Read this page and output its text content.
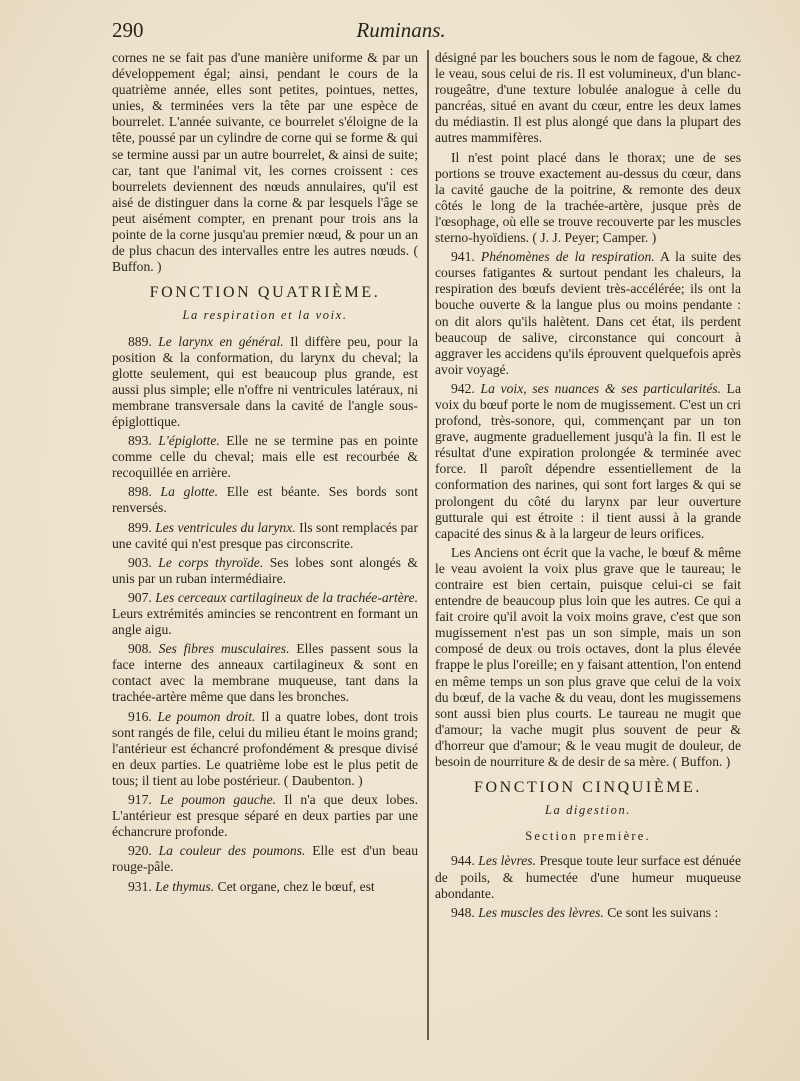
290	Ruminans.

cornes ne se fait pas d'une manière uniforme & par un développement égal; ainsi, pendant le cours de la quatrième année, elles sont petites, pointues, nettes, unies, & terminées vers la tête par une espèce de bourrelet. L'année suivante, ce bourrelet s'éloigne de la tête, poussé par un cylindre de corne qui se forme & qui se termine aussi par un autre bourrelet, & ainsi de suite; car, tant que l'animal vit, les cornes croissent : ces bourrelets deviennent des nœuds annulaires, qu'il est aisé de distinguer dans la corne & par lesquels l'âge se peut aisément compter, en prenant pour trois ans la pointe de la corne jusqu'au premier nœud, & pour un an de plus chacun des intervalles entre les autres nœuds. ( Buffon. )

FONCTION QUATRIÈME.
La respiration et la voix.

889. Le larynx en général. Il diffère peu, pour la position & la conformation, du larynx du cheval; la glotte seulement, qui est beaucoup plus grande, est aussi plus simple; elle n'offre ni ventricules latéraux, ni membrane transversale dans la cavité de l'angle sous-épiglottique.

893. L'épiglotte. Elle ne se termine pas en pointe comme celle du cheval; mais elle est recourbée & recoquillée en arrière.

898. La glotte. Elle est béante. Ses bords sont renversés.

899. Les ventricules du larynx. Ils sont remplacés par une cavité qui n'est presque pas circonscrite.

903. Le corps thyroïde. Ses lobes sont alongés & unis par un ruban intermédiaire.

907. Les cerceaux cartilagineux de la trachée-artère. Leurs extrémités amincies se rencontrent en formant un angle aigu.

908. Ses fibres musculaires. Elles passent sous la face interne des anneaux cartilagineux & sont en contact avec la membrane muqueuse, tant dans la trachée-artère même que dans les bronches.

916. Le poumon droit. Il a quatre lobes, dont trois sont rangés de file, celui du milieu étant le moins grand; l'antérieur est échancré profondément & presque divisé en deux parties. Le quatrième lobe est le plus petit de tous; il tient au lobe postérieur. ( Daubenton. )

917. Le poumon gauche. Il n'a que deux lobes. L'antérieur est presque séparé en deux parties par une échancrure profonde.

920. La couleur des poumons. Elle est d'un beau rouge-pâle.

931. Le thymus. Cet organe, chez le bœuf, est

désigné par les bouchers sous le nom de fagoue, & chez le veau, sous celui de ris. Il est volumineux, d'un blanc-rougeâtre, d'une texture lobulée analogue à celle du pancréas, situé en avant du cœur, entre les deux lames du médiastin. Il est plus alongé que dans la plupart des autres mammifères.

Il n'est point placé dans le thorax; une de ses portions se trouve exactement au-dessus du cœur, dans la cavité gauche de la poitrine, & remonte des deux côtés le long de la trachée-artère, jusque près de l'œsophage, où elle se trouve recouverte par les muscles sterno-hyoïdiens. ( J. J. Peyer; Camper. )

941. Phénomènes de la respiration. A la suite des courses fatigantes & surtout pendant les chaleurs, la respiration des bœufs devient très-accélérée; ils ont la bouche ouverte & la langue plus ou moins pendante : on dit alors qu'ils halètent. Dans cet état, ils perdent beaucoup de salive, circonstance qui concourt à aggraver les accidens qu'ils éprouvent quelquefois après avoir voyagé.

942. La voix, ses nuances & ses particularités. La voix du bœuf porte le nom de mugissement. C'est un cri profond, très-sonore, qui, commençant par un ton grave, augmente graduellement jusqu'à la fin. Il est le résultat d'une expiration prolongée & terminée avec force. Il paroît dépendre essentiellement de la conformation des narines, qui sont fort larges & qui se prolongent du côté du larynx par leur ouverture gutturale qui est étroite : il tient aussi à la grande capacité des sinus & à la largeur de leurs orifices.

Les Anciens ont écrit que la vache, le bœuf & même le veau avoient la voix plus grave que le taureau; le contraire est bien certain, puisque celui-ci se fait entendre de beaucoup plus loin que les autres. Ce qui a fait croire qu'il avoit la voix moins grave, c'est que son mugissement n'est pas un son simple, mais un son composé de deux ou trois octaves, dont la plus élevée frappe le plus l'oreille; en y faisant attention, l'on entend en même temps un son plus grave que celui de la voix du bœuf, de la vache & du veau, dont les mugissemens sont aussi bien plus courts. Le taureau ne mugit que d'amour; la vache mugit plus souvent de peur & d'horreur que d'amour; & le veau mugit de douleur, de besoin de nourriture & de desir de sa mère. ( Buffon. )

FONCTION CINQUIÈME.
La digestion.
Section première.

944. Les lèvres. Presque toute leur surface est dénuée de poils, & humectée d'une humeur muqueuse abondante.

948. Les muscles des lèvres. Ce sont les suivans :
